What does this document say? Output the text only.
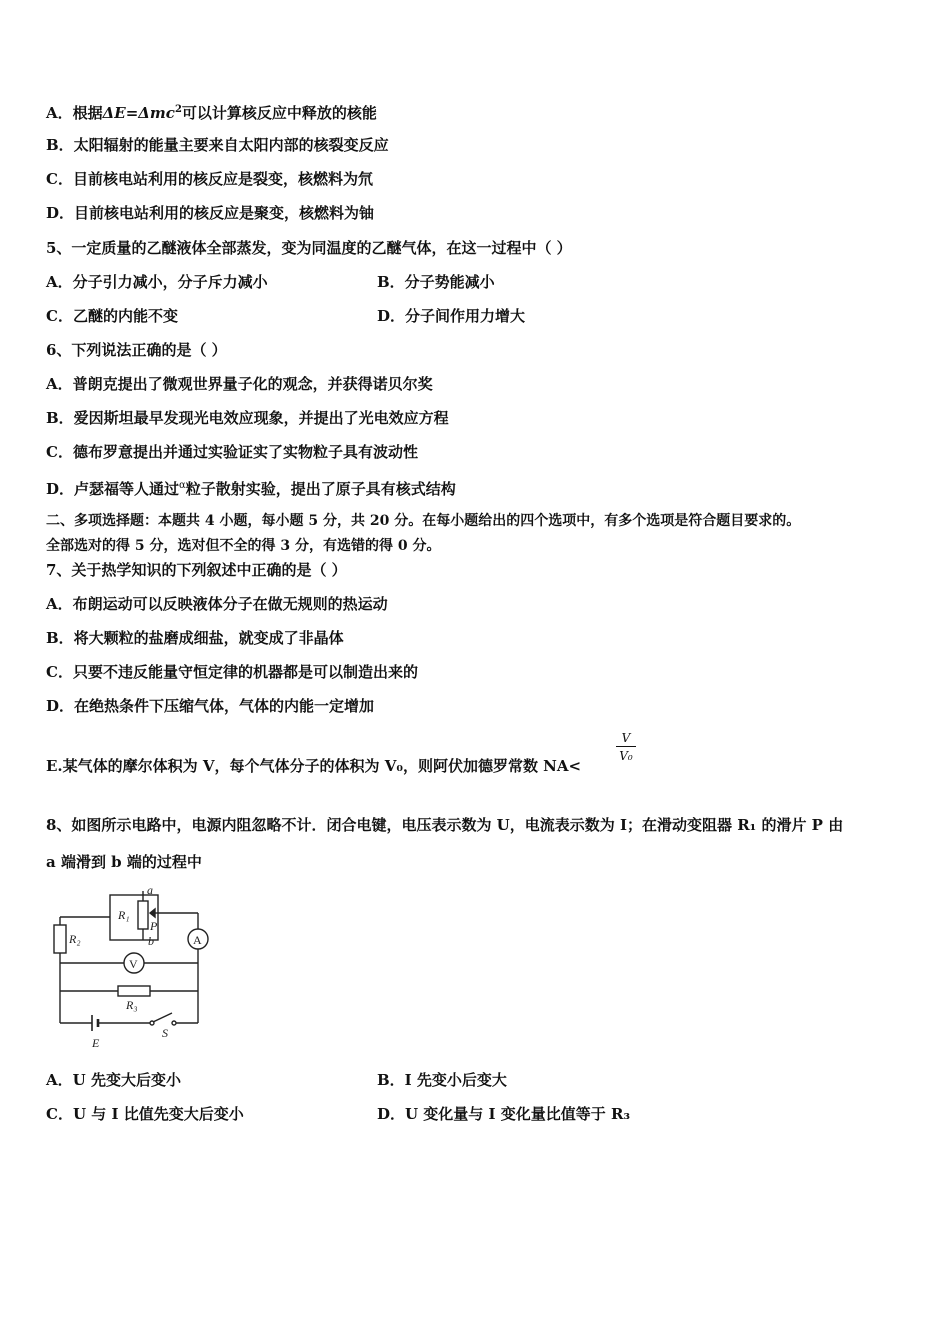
A．根据ΔE=Δmc$^2$可以计算核反应中释放的核能
B．太阳辐射的能量主要来自太阳内部的核裂变反应
C．目前核电站利用的核反应是裂变，核燃料为氘
D．目前核电站利用的核反应是聚变，核燃料为铀
5、一定质量的乙醚液体全部蒸发，变为同温度的乙醚气体，在这一过程中（ ）
A．分子引力减小，分子斥力减小	B．分子势能减小
C．乙醚的内能不变	D．分子间作用力增大
6、下列说法正确的是（ ）
A．普朗克提出了微观世界量子化的观念，并获得诺贝尔奖
B．爱因斯坦最早发现光电效应现象，并提出了光电效应方程
C．德布罗意提出并通过实验证实了实物粒子具有波动性
D．卢瑟福等人通过$^\alpha$粒子散射实验，提出了原子具有核式结构
二、多项选择题：本题共 4 小题，每小题 5 分，共 20 分。在每小题给出的四个选项中，有多个选项是符合题目要求的。
全部选对的得 5 分，选对但不全的得 3 分，有选错的得 0 分。
7、关于热学知识的下列叙述中正确的是（ ）
A．布朗运动可以反映液体分子在做无规则的热运动
B．将大颗粒的盐磨成细盐，就变成了非晶体
C．只要不违反能量守恒定律的机器都是可以制造出来的
D．在绝热条件下压缩气体，气体的内能一定增加
E.某气体的摩尔体积为 V，每个气体分子的体积为 V₀，则阿伏加德罗常数 NA<
$\frac{V}{\text{V₀}}$
8、如图所示电路中，电源内阻忽略不计．闭合电键，电压表示数为 U，电流表示数为 I；在滑动变阻器 R₁ 的滑片 P 由
a 端滑到 b 端的过程中
a
b
P
R₁
R₂
R₃
A
V
E
S
A．U 先变大后变小	B．I 先变小后变大
C．U 与 I 比值先变大后变小	D．U 变化量与 I 变化量比值等于 R₃
